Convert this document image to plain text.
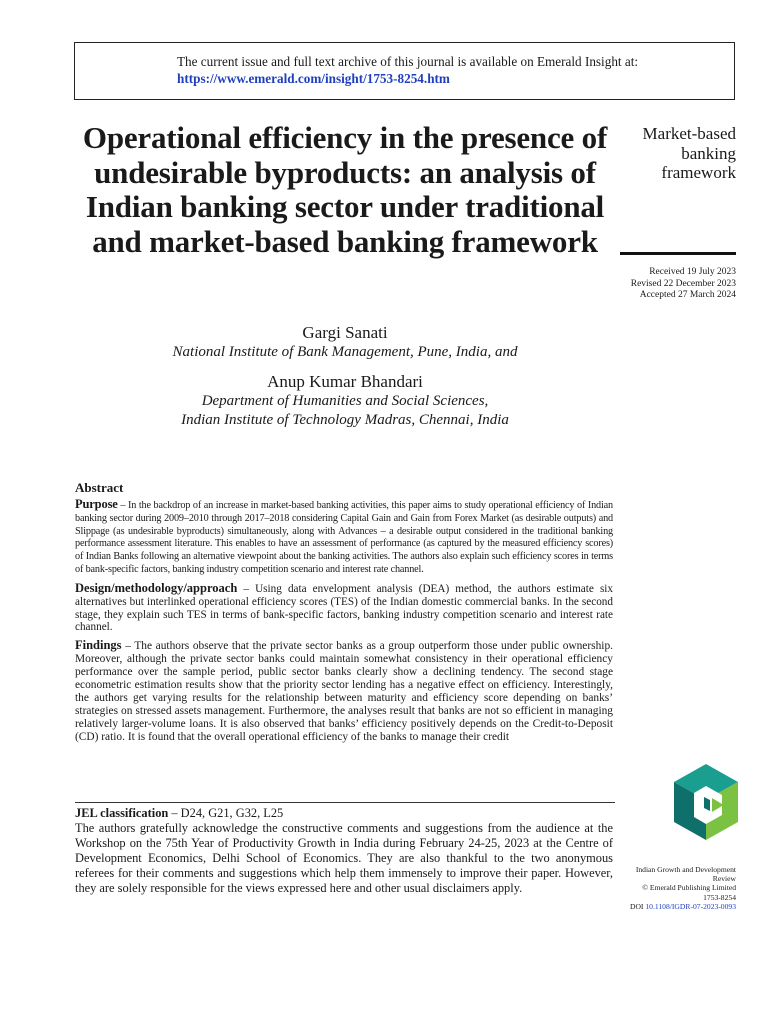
The current issue and full text archive of this journal is available on Emerald Insight at:
https://www.emerald.com/insight/1753-8254.htm
Operational efficiency in the presence of undesirable byproducts: an analysis of Indian banking sector under traditional and market-based banking framework
Market-based banking framework
Received 19 July 2023
Revised 22 December 2023
Accepted 27 March 2024
Gargi Sanati
National Institute of Bank Management, Pune, India, and
Anup Kumar Bhandari
Department of Humanities and Social Sciences,
Indian Institute of Technology Madras, Chennai, India
Abstract

Purpose – In the backdrop of an increase in market-based banking activities, this paper aims to study operational efficiency of Indian banking sector during 2009–2010 through 2017–2018 considering Capital Gain and Gain from Forex Market (as desirable outputs) and Slippage (as undesirable byproducts) simultaneously, along with Advances – a desirable output considered in the traditional banking performance assessment literature. This enables to have an assessment of performance (as captured by the measured efficiency scores) of Indian Banks following an alternative viewpoint about the banking activities. The authors also explain such efficiency scores in terms of bank-specific factors, banking industry competition scenario and interest rate channel.

Design/methodology/approach – Using data envelopment analysis (DEA) method, the authors estimate six alternatives but interlinked operational efficiency scores (TES) of the Indian domestic commercial banks. In the second stage, they explain such TES in terms of bank-specific factors, banking industry competition scenario and interest rate channel.

Findings – The authors observe that the private sector banks as a group outperform those under public ownership. Moreover, although the private sector banks could maintain somewhat consistency in their operational efficiency performance over the sample period, public sector banks clearly show a declining tendency. The second stage econometric estimation results show that the priority sector lending has a negative effect on efficiency. Interestingly, the authors get varying results for the relationship between maturity and efficiency score depending on banks’ strategies on stressed assets management. Furthermore, the analyses result that banks are not so efficient in managing relatively larger-volume loans. It is also observed that banks’ efficiency positively depends on the Credit-to-Deposit (CD) ratio. It is found that the overall operational efficiency of the banks to manage their credit

JEL classification – D24, G21, G32, L25

The authors gratefully acknowledge the constructive comments and suggestions from the audience at the Workshop on the 75th Year of Productivity Growth in India during February 24-25, 2023 at the Centre of Development Economics, Delhi School of Economics. They are also thankful to the two anonymous referees for their comments and suggestions which help them immensely to improve their paper. However, they are solely responsible for the views expressed here and other usual disclaimers apply.

Indian Growth and Development
Review
© Emerald Publishing Limited
1753-8254
DOI 10.1108/IGDR-07-2023-0093
